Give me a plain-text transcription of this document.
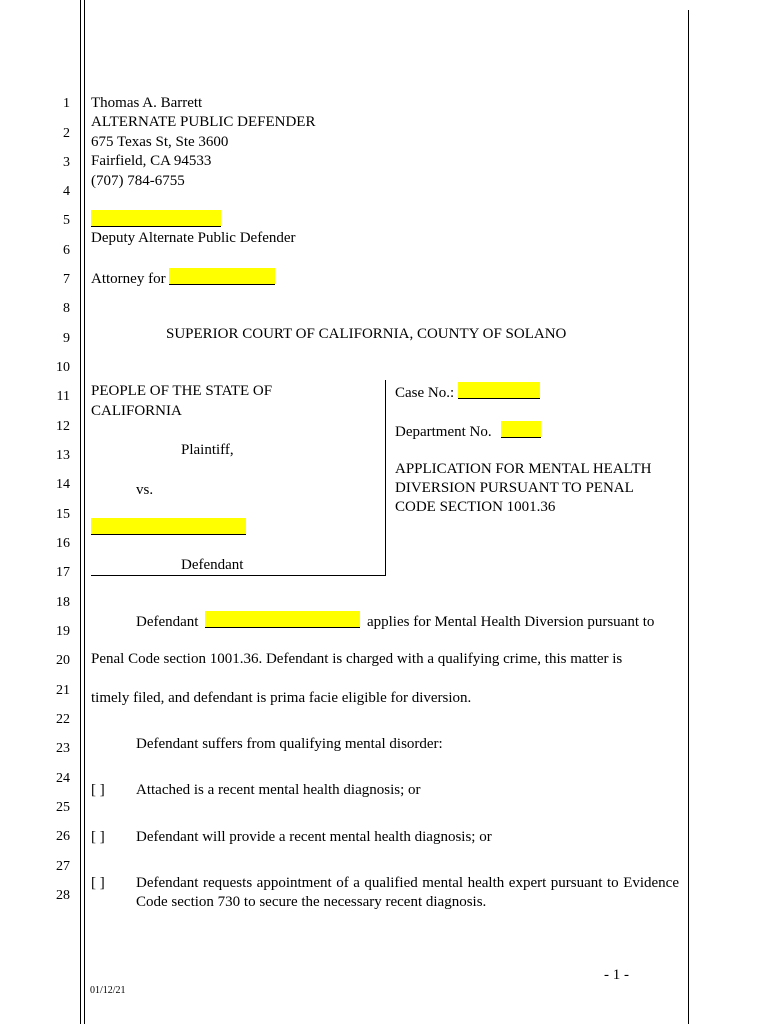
1
2
3
4
5
6
7
8
9
10
11
12
13
14
15
16
17
18
19
20
21
22
23
24
25
26
27
28
Thomas A. Barrett
ALTERNATE PUBLIC DEFENDER
675 Texas St, Ste 3600
Fairfield, CA 94533
(707) 784-6755
Deputy Alternate Public Defender
Attorney for
SUPERIOR COURT OF CALIFORNIA, COUNTY OF SOLANO
PEOPLE OF THE STATE OF
CALIFORNIA
Plaintiff,
vs.
Defendant
Case No.:
Department No.
APPLICATION FOR MENTAL HEALTH
DIVERSION PURSUANT TO PENAL
CODE SECTION 1001.36
Defendant	applies for Mental Health Diversion pursuant to
Penal Code section 1001.36. Defendant is charged with a qualifying crime, this matter is
timely filed, and defendant is prima facie eligible for diversion.
Defendant suffers from qualifying mental disorder:
[ ] Attached is a recent mental health diagnosis; or
[ ] Defendant will provide a recent mental health diagnosis; or
[ ] Defendant requests appointment of a qualified mental health expert pursuant to Evidence Code section 730 to secure the necessary recent diagnosis.
- 1 -
01/12/21
